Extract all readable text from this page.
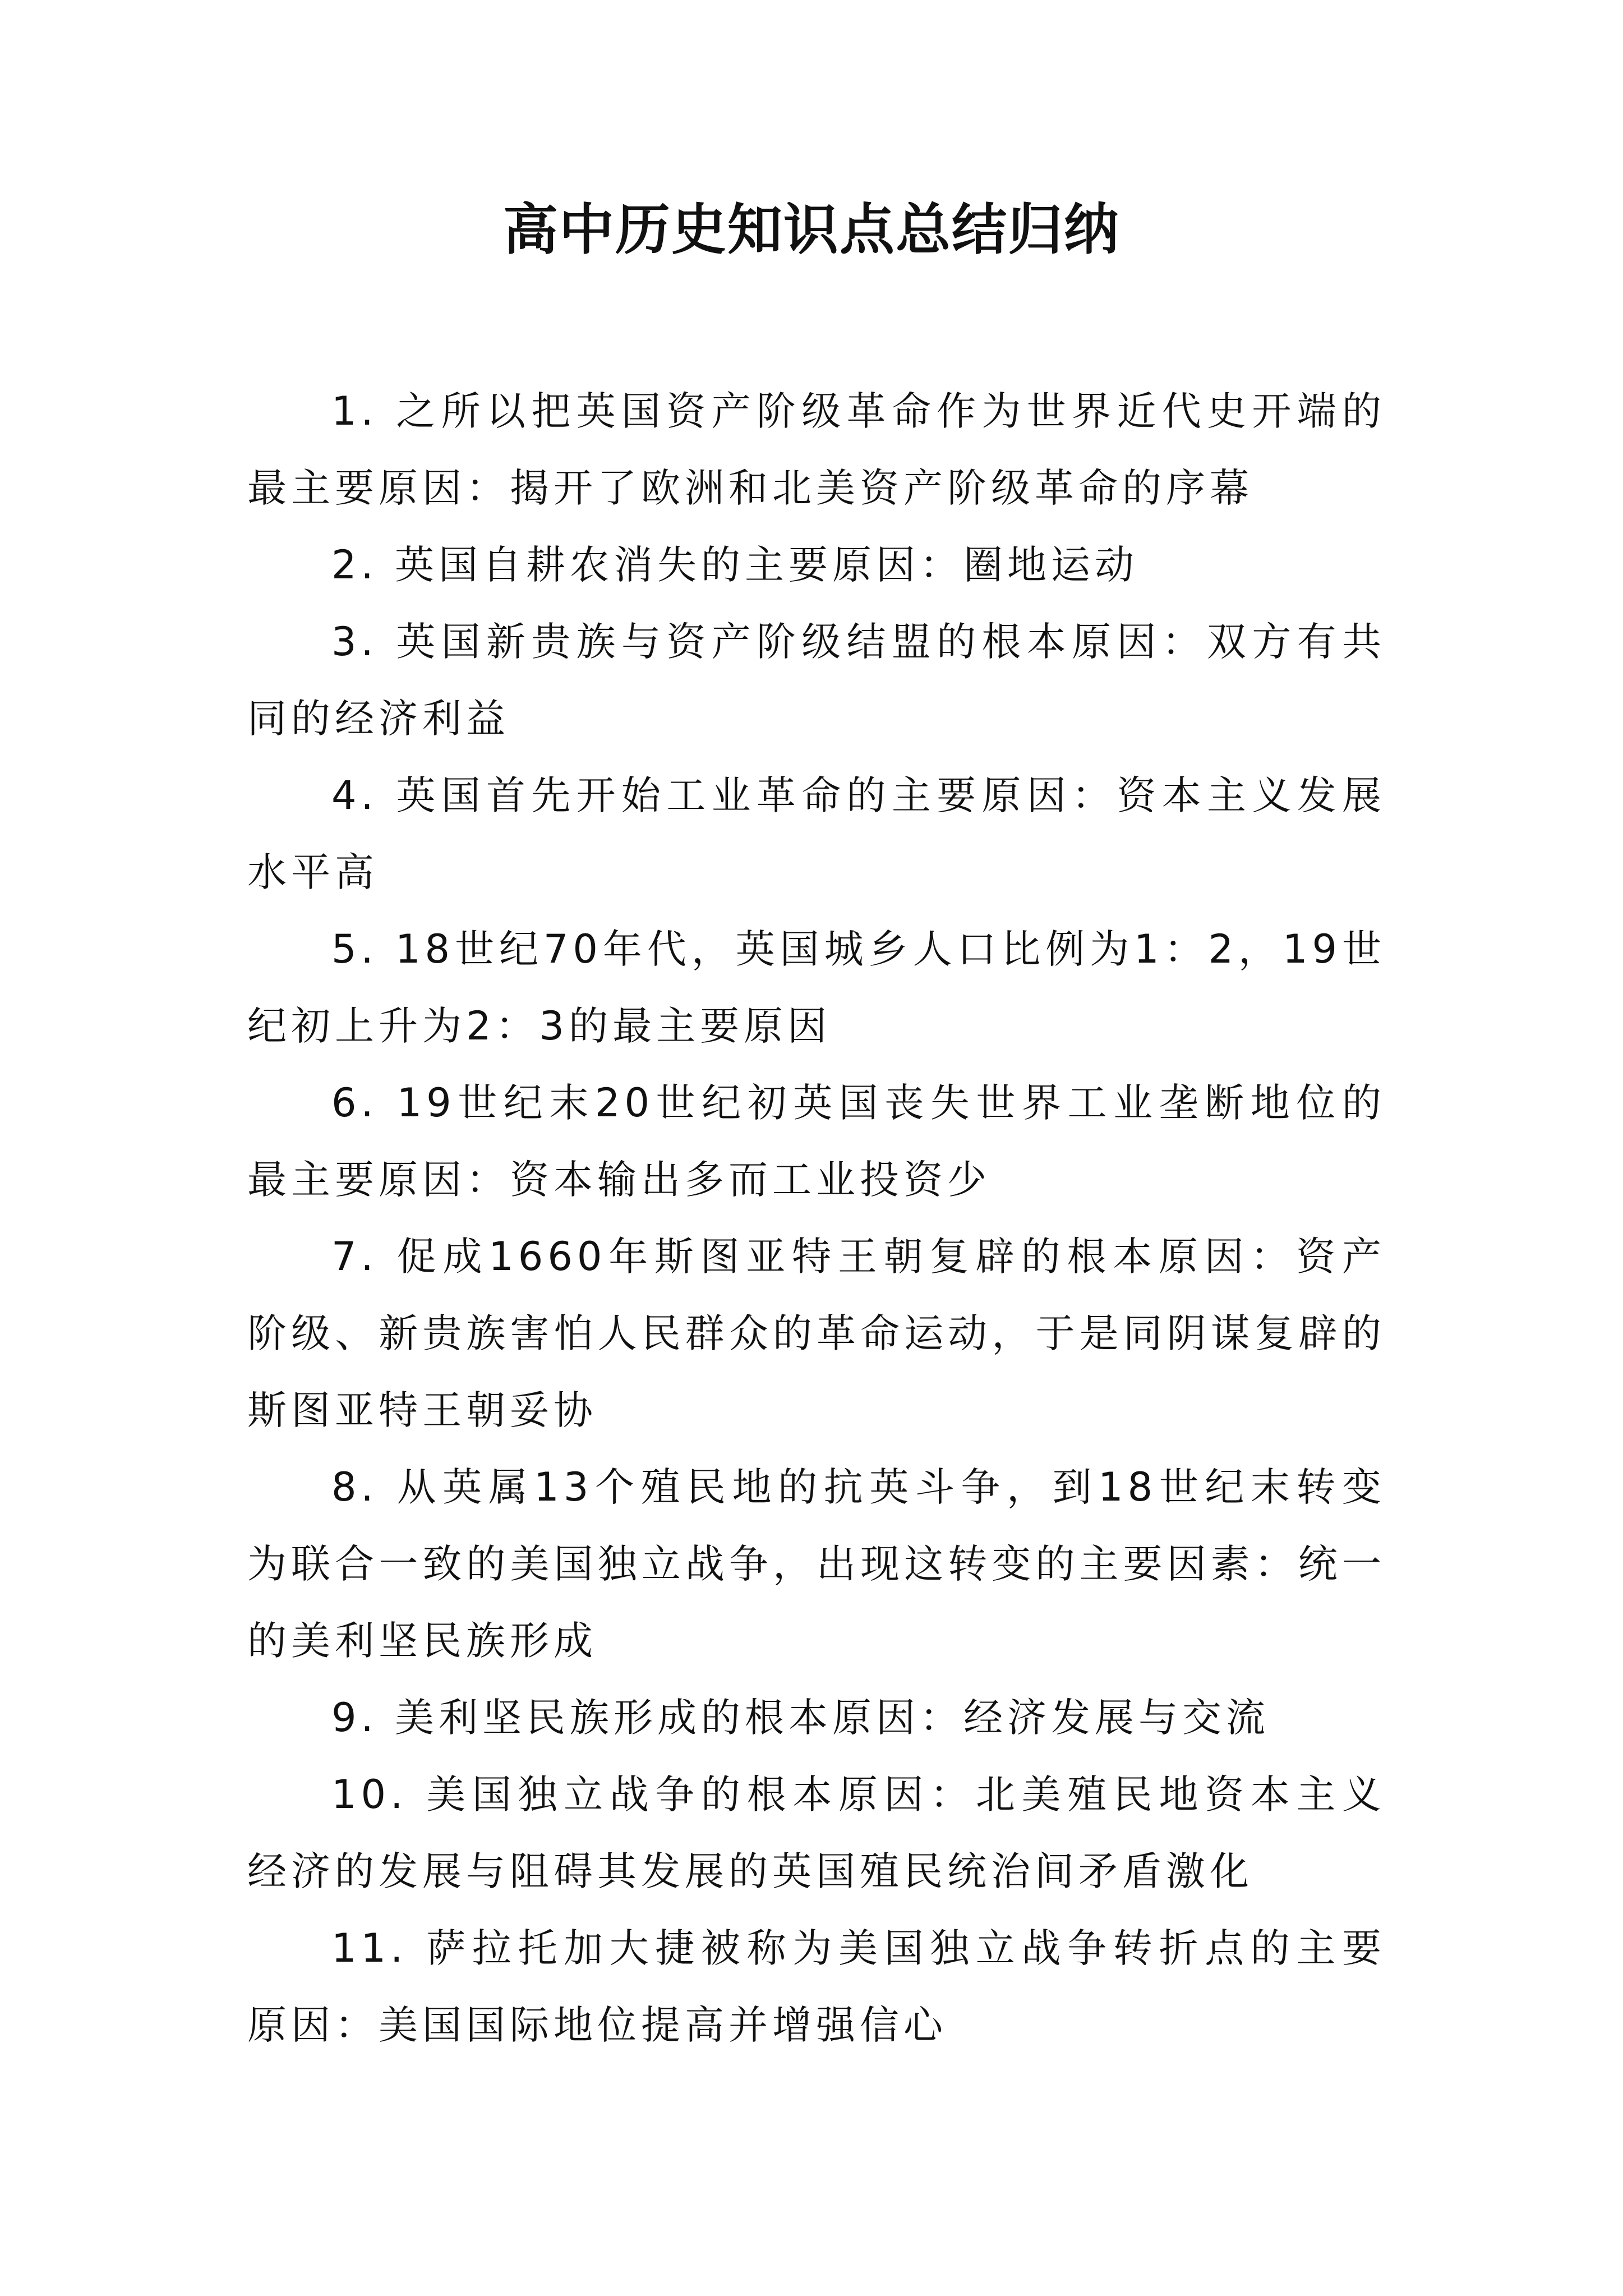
高中历史知识点总结归纳

1. 之所以把英国资产阶级革命作为世界近代史开端的最主要原因：揭开了欧洲和北美资产阶级革命的序幕

2. 英国自耕农消失的主要原因：圈地运动

3. 英国新贵族与资产阶级结盟的根本原因：双方有共同的经济利益

4. 英国首先开始工业革命的主要原因：资本主义发展水平高

5. 18世纪70年代，英国城乡人口比例为1：2，19世纪初上升为2：3的最主要原因

6. 19世纪末20世纪初英国丧失世界工业垄断地位的最主要原因：资本输出多而工业投资少

7. 促成1660年斯图亚特王朝复辟的根本原因：资产阶级、新贵族害怕人民群众的革命运动，于是同阴谋复辟的斯图亚特王朝妥协

8. 从英属13个殖民地的抗英斗争，到18世纪末转变为联合一致的美国独立战争，出现这转变的主要因素：统一的美利坚民族形成

9. 美利坚民族形成的根本原因：经济发展与交流

10. 美国独立战争的根本原因：北美殖民地资本主义经济的发展与阻碍其发展的英国殖民统治间矛盾激化

11. 萨拉托加大捷被称为美国独立战争转折点的主要原因：美国国际地位提高并增强信心
